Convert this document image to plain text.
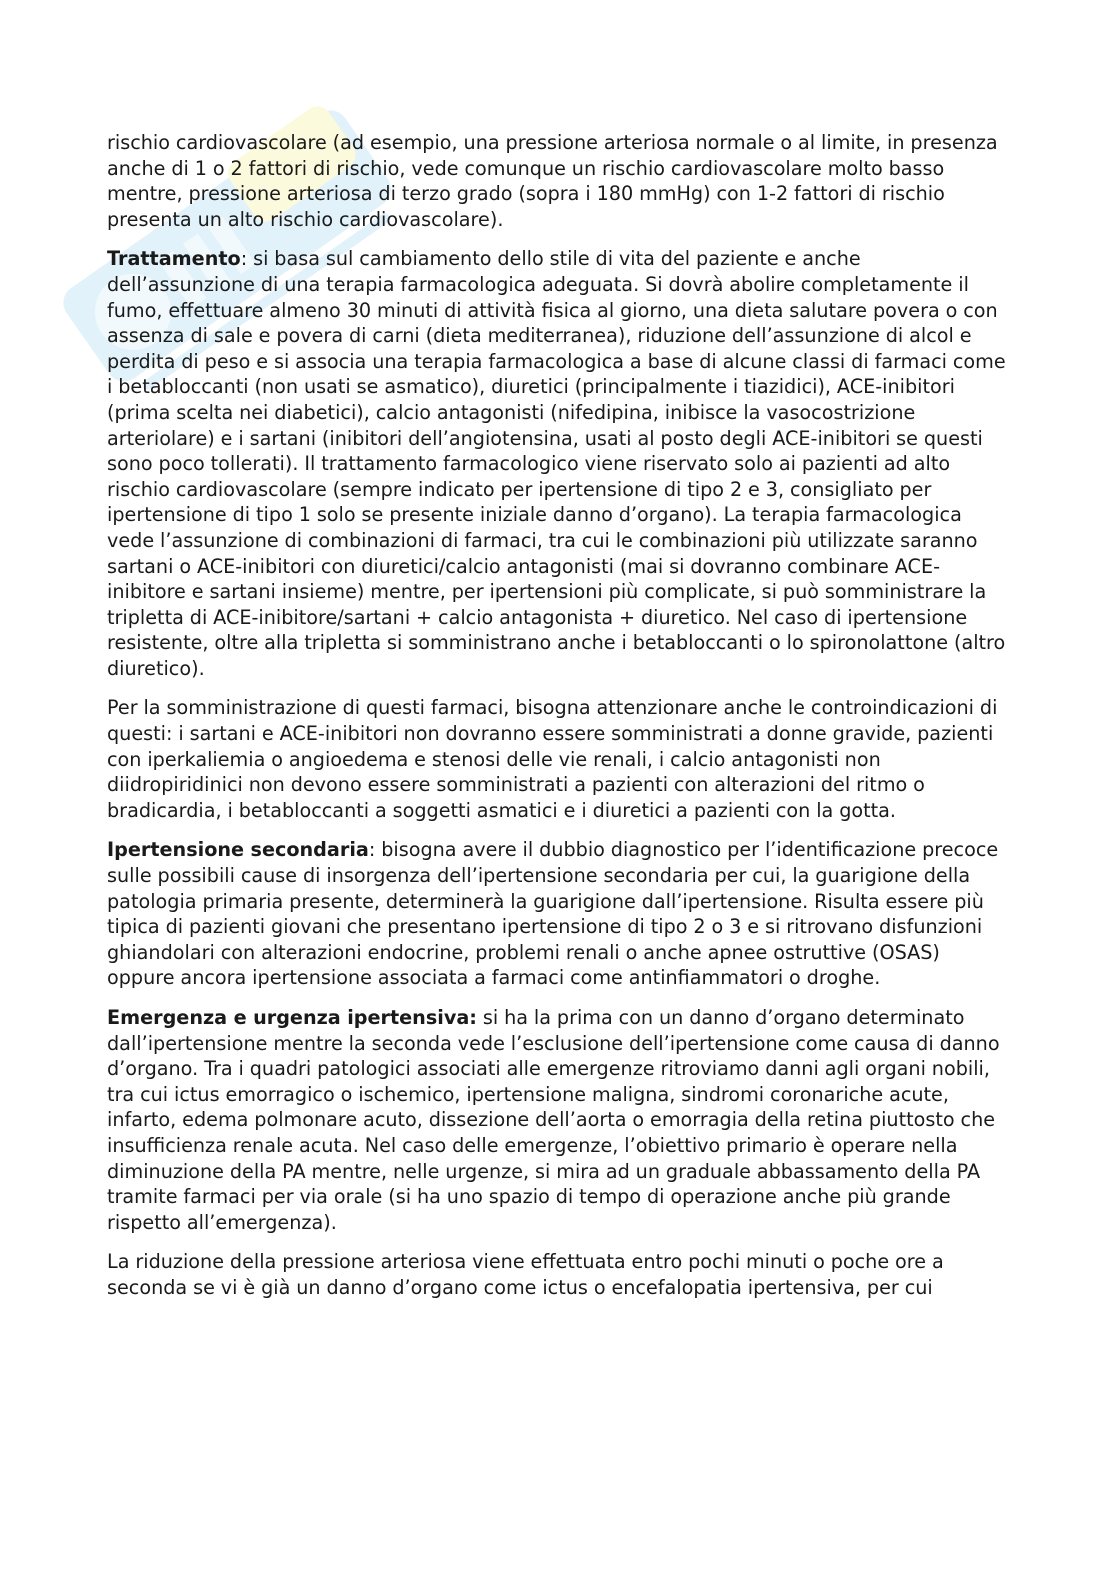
rischio cardiovascolare (ad esempio, una pressione arteriosa normale o al limite, in presenza anche di 1 o 2 fattori di rischio, vede comunque un rischio cardiovascolare molto basso mentre, pressione arteriosa di terzo grado (sopra i 180 mmHg) con 1-2 fattori di rischio presenta un alto rischio cardiovascolare).

Trattamento: si basa sul cambiamento dello stile di vita del paziente e anche dell’assunzione di una terapia farmacologica adeguata. Si dovrà abolire completamente il fumo, effettuare almeno 30 minuti di attività fisica al giorno, una dieta salutare povera o con assenza di sale e povera di carni (dieta mediterranea), riduzione dell’assunzione di alcol e perdita di peso e si associa una terapia farmacologica a base di alcune classi di farmaci come i betabloccanti (non usati se asmatico), diuretici (principalmente i tiazidici), ACE-inibitori (prima scelta nei diabetici), calcio antagonisti (nifedipina, inibisce la vasocostrizione arteriolare) e i sartani (inibitori dell’angiotensina, usati al posto degli ACE-inibitori se questi sono poco tollerati). Il trattamento farmacologico viene riservato solo ai pazienti ad alto rischio cardiovascolare (sempre indicato per ipertensione di tipo 2 e 3, consigliato per ipertensione di tipo 1 solo se presente iniziale danno d’organo). La terapia farmacologica vede l’assunzione di combinazioni di farmaci, tra cui le combinazioni più utilizzate saranno sartani o ACE-inibitori con diuretici/calcio antagonisti (mai si dovranno combinare ACE-inibitore e sartani insieme) mentre, per ipertensioni più complicate, si può somministrare la tripletta di ACE-inibitore/sartani + calcio antagonista + diuretico. Nel caso di ipertensione resistente, oltre alla tripletta si somministrano anche i betabloccanti o lo spironolattone (altro diuretico).

Per la somministrazione di questi farmaci, bisogna attenzionare anche le controindicazioni di questi: i sartani e ACE-inibitori non dovranno essere somministrati a donne gravide, pazienti con iperkaliemia o angioedema e stenosi delle vie renali, i calcio antagonisti non diidropiridinici non devono essere somministrati a pazienti con alterazioni del ritmo o bradicardia, i betabloccanti a soggetti asmatici e i diuretici a pazienti con la gotta.

Ipertensione secondaria: bisogna avere il dubbio diagnostico per l’identificazione precoce sulle possibili cause di insorgenza dell’ipertensione secondaria per cui, la guarigione della patologia primaria presente, determinerà la guarigione dall’ipertensione. Risulta essere più tipica di pazienti giovani che presentano ipertensione di tipo 2 o 3 e si ritrovano disfunzioni ghiandolari con alterazioni endocrine, problemi renali o anche apnee ostruttive (OSAS) oppure ancora ipertensione associata a farmaci come antinfiammatori o droghe.

Emergenza e urgenza ipertensiva: si ha la prima con un danno d’organo determinato dall’ipertensione mentre la seconda vede l’esclusione dell’ipertensione come causa di danno d’organo. Tra i quadri patologici associati alle emergenze ritroviamo danni agli organi nobili, tra cui ictus emorragico o ischemico, ipertensione maligna, sindromi coronariche acute, infarto, edema polmonare acuto, dissezione dell’aorta o emorragia della retina piuttosto che insufficienza renale acuta. Nel caso delle emergenze, l’obiettivo primario è operare nella diminuzione della PA mentre, nelle urgenze, si mira ad un graduale abbassamento della PA tramite farmaci per via orale (si ha uno spazio di tempo di operazione anche più grande rispetto all’emergenza).

La riduzione della pressione arteriosa viene effettuata entro pochi minuti o poche ore a seconda se vi è già un danno d’organo come ictus o encefalopatia ipertensiva, per cui
